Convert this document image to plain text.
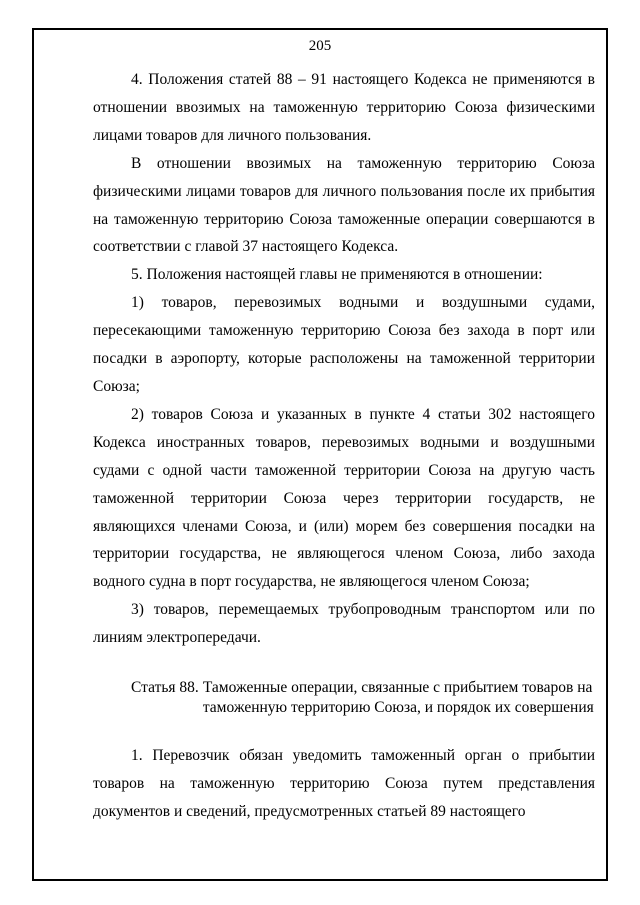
205

4. Положения статей 88 – 91 настоящего Кодекса не применяются в отношении ввозимых на таможенную территорию Союза физическими лицами товаров для личного пользования.

В отношении ввозимых на таможенную территорию Союза физическими лицами товаров для личного пользования после их прибытия на таможенную территорию Союза таможенные операции совершаются в соответствии с главой 37 настоящего Кодекса.

5. Положения настоящей главы не применяются в отношении:

1) товаров, перевозимых водными и воздушными судами, пересекающими таможенную территорию Союза без захода в порт или посадки в аэропорту, которые расположены на таможенной территории Союза;

2) товаров Союза и указанных в пункте 4 статьи 302 настоящего Кодекса иностранных товаров, перевозимых водными и воздушными судами с одной части таможенной территории Союза на другую часть таможенной территории Союза через территории государств, не являющихся членами Союза, и (или) морем без совершения посадки на территории государства, не являющегося членом Союза, либо захода водного судна в порт государства, не являющегося членом Союза;

3) товаров, перемещаемых трубопроводным транспортом или по линиям электропередачи.

Статья 88. Таможенные операции, связанные с прибытием товаров на таможенную территорию Союза, и порядок их совершения

1. Перевозчик обязан уведомить таможенный орган о прибытии товаров на таможенную территорию Союза путем представления документов и сведений, предусмотренных статьей 89 настоящего
